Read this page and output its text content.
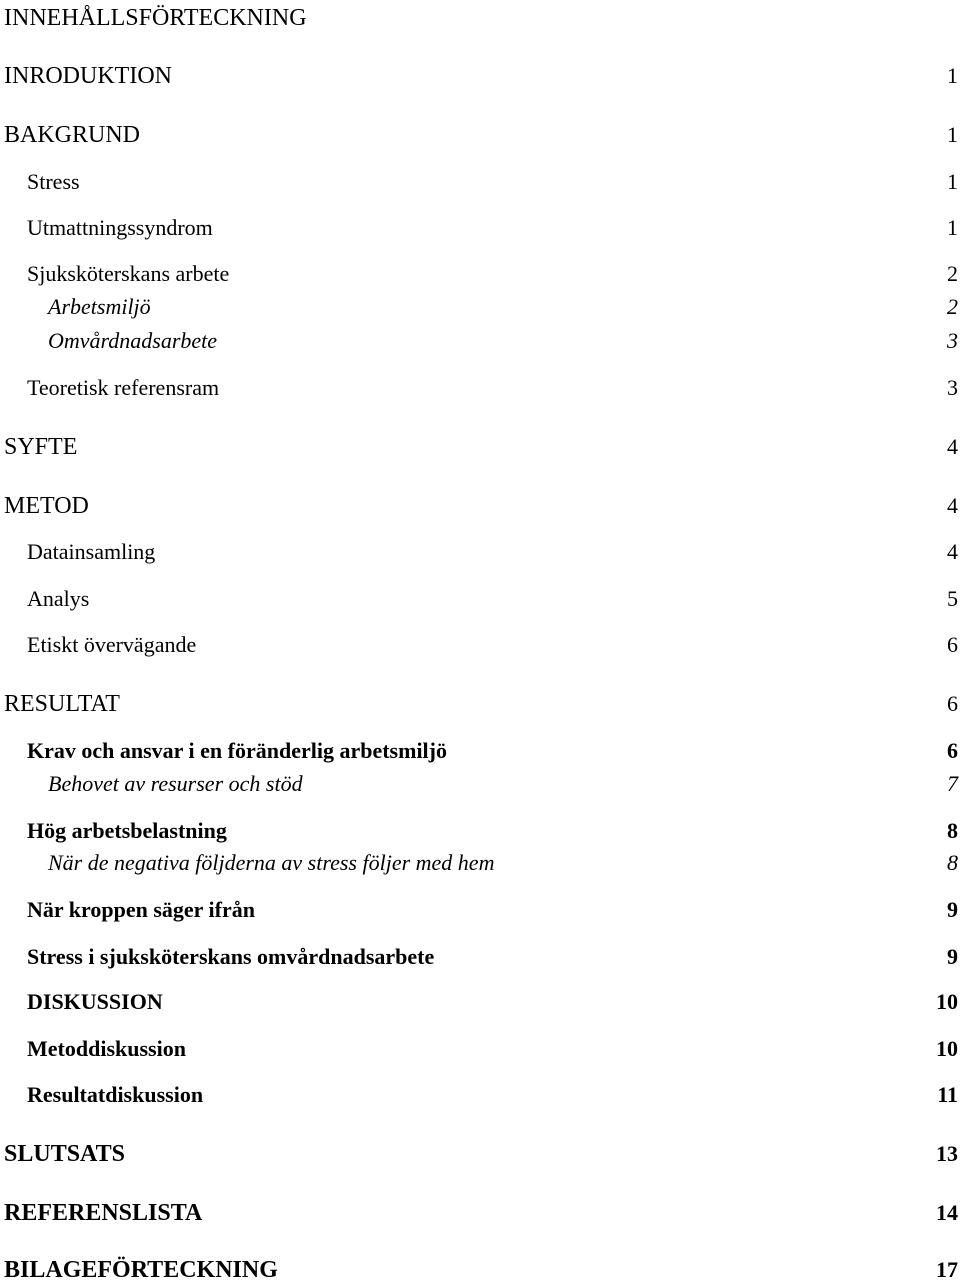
INNEHÅLLSFÖRTECKNING
INRODUKTION	1
BAKGRUND	1
Stress	1
Utmattningssyndrom	1
Sjuksköterskans arbete	2
Arbetsmiljö	2
Omvårdnadsarbete	3
Teoretisk referensram	3
SYFTE	4
METOD	4
Datainsamling	4
Analys	5
Etiskt övervägande	6
RESULTAT	6
Krav och ansvar i en föränderlig arbetsmiljö	6
Behovet av resurser och stöd	7
Hög arbetsbelastning	8
När de negativa följderna av stress följer med hem	8
När kroppen säger ifrån	9
Stress i sjuksköterskans omvårdnadsarbete	9
DISKUSSION	10
Metoddiskussion	10
Resultatdiskussion	11
SLUTSATS	13
REFERENSLISTA	14
BILAGEFÖRTECKNING	17
